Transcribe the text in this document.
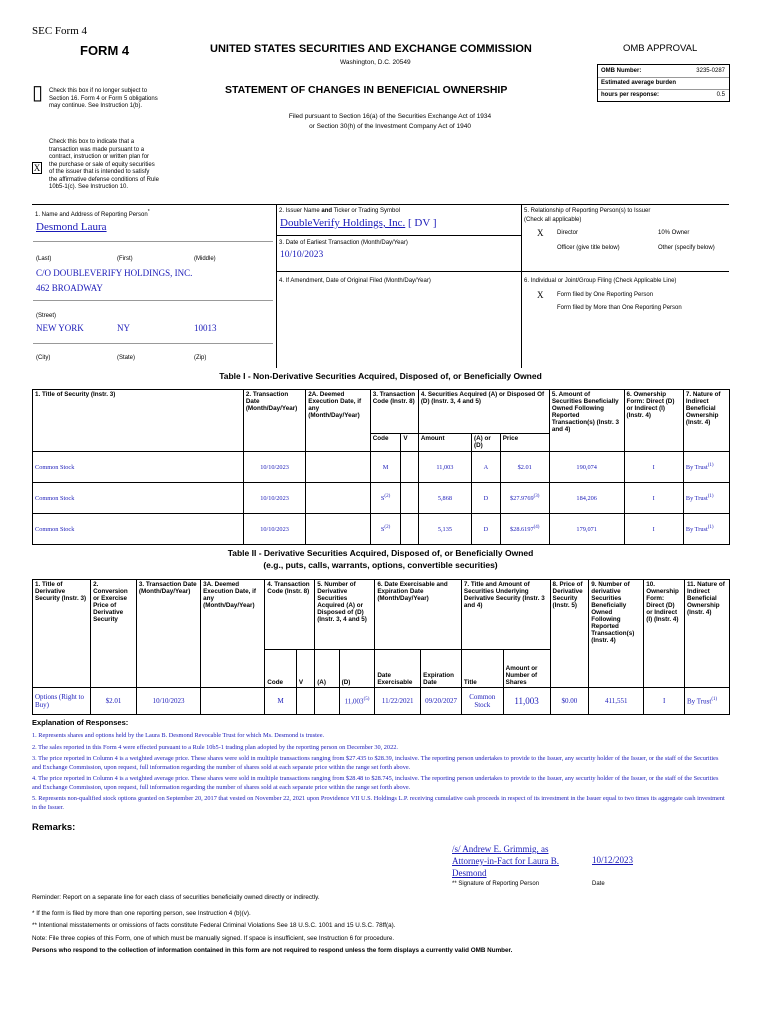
SEC Form 4
FORM 4	UNITED STATES SECURITIES AND EXCHANGE COMMISSION
Washington, D.C. 20549
OMB APPROVAL
OMB Number:	3235-0287
Estimated average burden
hours per response:	0.5
▯ Check this box if no longer subject to Section 16. Form 4 or Form 5 obligations may continue. See Instruction 1(b).
STATEMENT OF CHANGES IN BENEFICIAL OWNERSHIP
Filed pursuant to Section 16(a) of the Securities Exchange Act of 1934
or Section 30(h) of the Investment Company Act of 1940
X
Check this box to indicate that a transaction was made pursuant to a contract, instruction or written plan for the purchase or sale of equity securities of the issuer that is intended to satisfy the affirmative defense conditions of Rule 10b5-1(c). See Instruction 10.
1. Name and Address of Reporting Person*
Desmond Laura
(Last)	(First)	(Middle)
C/O DOUBLEVERIFY HOLDINGS, INC.
462 BROADWAY
(Street)
NEW YORK	NY	10013
(City)	(State)	(Zip)
2. Issuer Name and Ticker or Trading Symbol
DoubleVerify Holdings, Inc. [ DV ]
3. Date of Earliest Transaction (Month/Day/Year)
10/10/2023
4. If Amendment, Date of Original Filed (Month/Day/Year)
5. Relationship of Reporting Person(s) to Issuer
(Check all applicable)
X Director	10% Owner
Officer (give title below)	Other (specify below)
6. Individual or Joint/Group Filing (Check Applicable Line)
X Form filed by One Reporting Person
Form filed by More than One Reporting Person
Table I - Non-Derivative Securities Acquired, Disposed of, or Beneficially Owned
1. Title of Security (Instr. 3)	2. Transaction Date (Month/Day/Year)	2A. Deemed Execution Date, if any (Month/Day/Year)	3. Transaction Code (Instr. 8)		4. Securities Acquired (A) or Disposed Of (D) (Instr. 3, 4 and 5)			5. Amount of Securities Beneficially Owned Following Reported Transaction(s) (Instr. 3 and 4)	6. Ownership Form: Direct (D) or Indirect (I) (Instr. 4)	7. Nature of Indirect Beneficial Ownership (Instr. 4)
			Code	V	Amount	(A) or (D)	Price			
Common Stock	10/10/2023		M		11,003	A	$2.01	190,074	I	By Trust$^{(1)}$
Common Stock	10/10/2023		$S^{(2)}$		5,868	D	$27.9769$^{(3)}$	184,206	I	By Trust$^{(1)}$
Common Stock	10/10/2023		$S^{(2)}$		5,135	D	$28.6197$^{(4)}$	179,071	I	By Trust$^{(1)}$
Table II - Derivative Securities Acquired, Disposed of, or Beneficially Owned
(e.g., puts, calls, warrants, options, convertible securities)
1. Title of Derivative Security (Instr. 3)	2. Conversion or Exercise Price of Derivative Security	3. Transaction Date (Month/Day/Year)	3A. Deemed Execution Date, if any (Month/Day/Year)	4. Transaction Code (Instr. 8)		5. Number of Derivative Securities Acquired (A) or Disposed of (D) (Instr. 3, 4 and 5)		6. Date Exercisable and Expiration Date (Month/Day/Year)		7. Title and Amount of Securities Underlying Derivative Security (Instr. 3 and 4)		8. Price of Derivative Security (Instr. 5)	9. Number of derivative Securities Beneficially Owned Following Reported Transaction(s) (Instr. 4)	10. Ownership Form: Direct (D) or Indirect (I) (Instr. 4)	11. Nature of Indirect Beneficial Ownership (Instr. 4)
				Code	V	(A)	(D)	Date Exercisable	Expiration Date	Title	Amount or Number of Shares				
Options (Right to Buy)	$2.01	10/10/2023		M			11,003$^{(5)}$	11/22/2021	09/20/2027	Common Stock	11,003	$0.00	411,551	I	By Trust$^{(1)}$
Explanation of Responses:
1. Represents shares and options held by the Laura B. Desmond Revocable Trust for which Ms. Desmond is trustee.
2. The sales reported in this Form 4 were effected pursuant to a Rule 10b5-1 trading plan adopted by the reporting person on December 30, 2022.
3. The price reported in Column 4 is a weighted average price. These shares were sold in multiple transactions ranging from $27.435 to $28.39, inclusive. The reporting person undertakes to provide to the Issuer, any security holder of the Issuer, or the staff of the Securities and Exchange Commission, upon request, full information regarding the number of shares sold at each separate price within the range set forth above.
4. The price reported in Column 4 is a weighted average price. These shares were sold in multiple transactions ranging from $28.48 to $28.745, inclusive. The reporting person undertakes to provide to the Issuer, any security holder of the Issuer, or the staff of the Securities and Exchange Commission, upon request, full information regarding the number of shares sold at each separate price within the range set forth above.
5. Represents non-qualified stock options granted on September 20, 2017 that vested on November 22, 2021 upon Providence VII U.S. Holdings L.P. receiving cumulative cash proceeds in respect of its investment in the Issuer equal to two times its aggregate cash investment in the Issuer.
Remarks:
/s/ Andrew E. Grimmig, as Attorney-in-Fact for Laura B. Desmond
10/12/2023
** Signature of Reporting Person	Date
Reminder: Report on a separate line for each class of securities beneficially owned directly or indirectly.
* If the form is filed by more than one reporting person, see Instruction 4 (b)(v).
** Intentional misstatements or omissions of facts constitute Federal Criminal Violations See 18 U.S.C. 1001 and 15 U.S.C. 78ff(a).
Note: File three copies of this Form, one of which must be manually signed. If space is insufficient, see Instruction 6 for procedure.
Persons who respond to the collection of information contained in this form are not required to respond unless the form displays a currently valid OMB Number.
